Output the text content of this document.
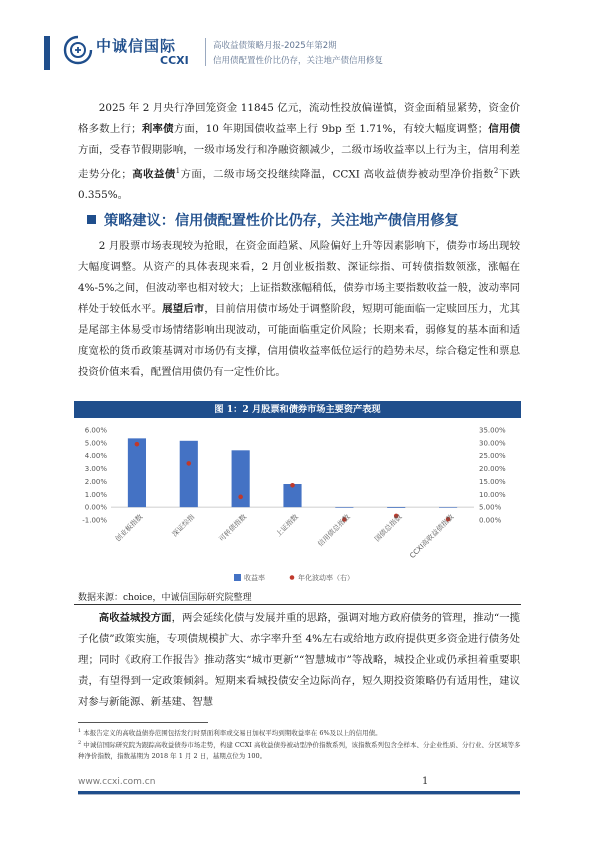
中诚信国际
CCXI
高收益债策略月报-2025年第2期
信用债配置性价比仍存，关注地产债信用修复
2025 年 2 月央行净回笼资金 11845 亿元，流动性投放偏谨慎，资金面稍显紧势，资金价格多数上行；利率债方面，10 年期国债收益率上行 9bp 至 1.71%，有较大幅度调整；信用债方面，受春节假期影响，一级市场发行和净融资额减少，二级市场收益率以上行为主，信用利差走势分化；高收益债$^1$方面，二级市场交投继续降温，CCXI 高收益债券被动型净价指数$^2$下跌 0.355%。
策略建议：信用债配置性价比仍存，关注地产债信用修复
2 月股票市场表现较为抢眼，在资金面趋紧、风险偏好上升等因素影响下，债券市场出现较大幅度调整。从资产的具体表现来看，2 月创业板指数、深证综指、可转债指数领涨，涨幅在 4%-5%之间，但波动率也相对较大；上证指数涨幅稍低，债券市场主要指数收益一般，波动率同样处于较低水平。展望后市，目前信用债市场处于调整阶段，短期可能面临一定赎回压力，尤其是尾部主体易受市场情绪影响出现波动，可能面临重定价风险；长期来看，弱修复的基本面和适度宽松的货币政策基调对市场仍有支撑，信用债收益率低位运行的趋势未尽，综合稳定性和票息投资价值来看，配置信用债仍有一定性价比。
图 1：2 月股票和债券市场主要资产表现
6.00%
5.00%
4.00%
3.00%
2.00%
1.00%
0.00%
-1.00%
35.00%
30.00%
25.00%
20.00%
15.00%
10.00%
5.00%
0.00%
创业板指数	深证综指	可转债指数	上证指数 信用债总指数	国债总指数 CCXI高收益债指数
收益率	年化波动率（右）
数据来源：choice，中诚信国际研究院整理
高收益城投方面，两会延续化债与发展并重的思路，强调对地方政府债务的管理，推动“一揽子化债”政策实施，专项债规模扩大、赤字率升至 4%左右或给地方政府提供更多资金进行债务处理；同时《政府工作报告》推动落实“城市更新”“智慧城市”等战略，城投企业或仍承担着重要职责，有望得到一定政策倾斜。短期来看城投债安全边际尚存，短久期投资策略仍有适用性，建议对参与新能源、新基建、智慧
$^1$ 本报告定义的高收益债券范围包括发行时票面利率或交易日加权平均到期收益率在 6%及以上的信用债。
$^2$ 中诚信国际研究院为跟踪高收益债券市场走势，构建 CCXI 高收益债券被动型净价指数系列，该指数系列包含全样本、分企业性质、分行业、分区域等多种净价指数，指数基期为 2018 年 1 月 2 日，基期点位为 100。
www.ccxi.com.cn	1
